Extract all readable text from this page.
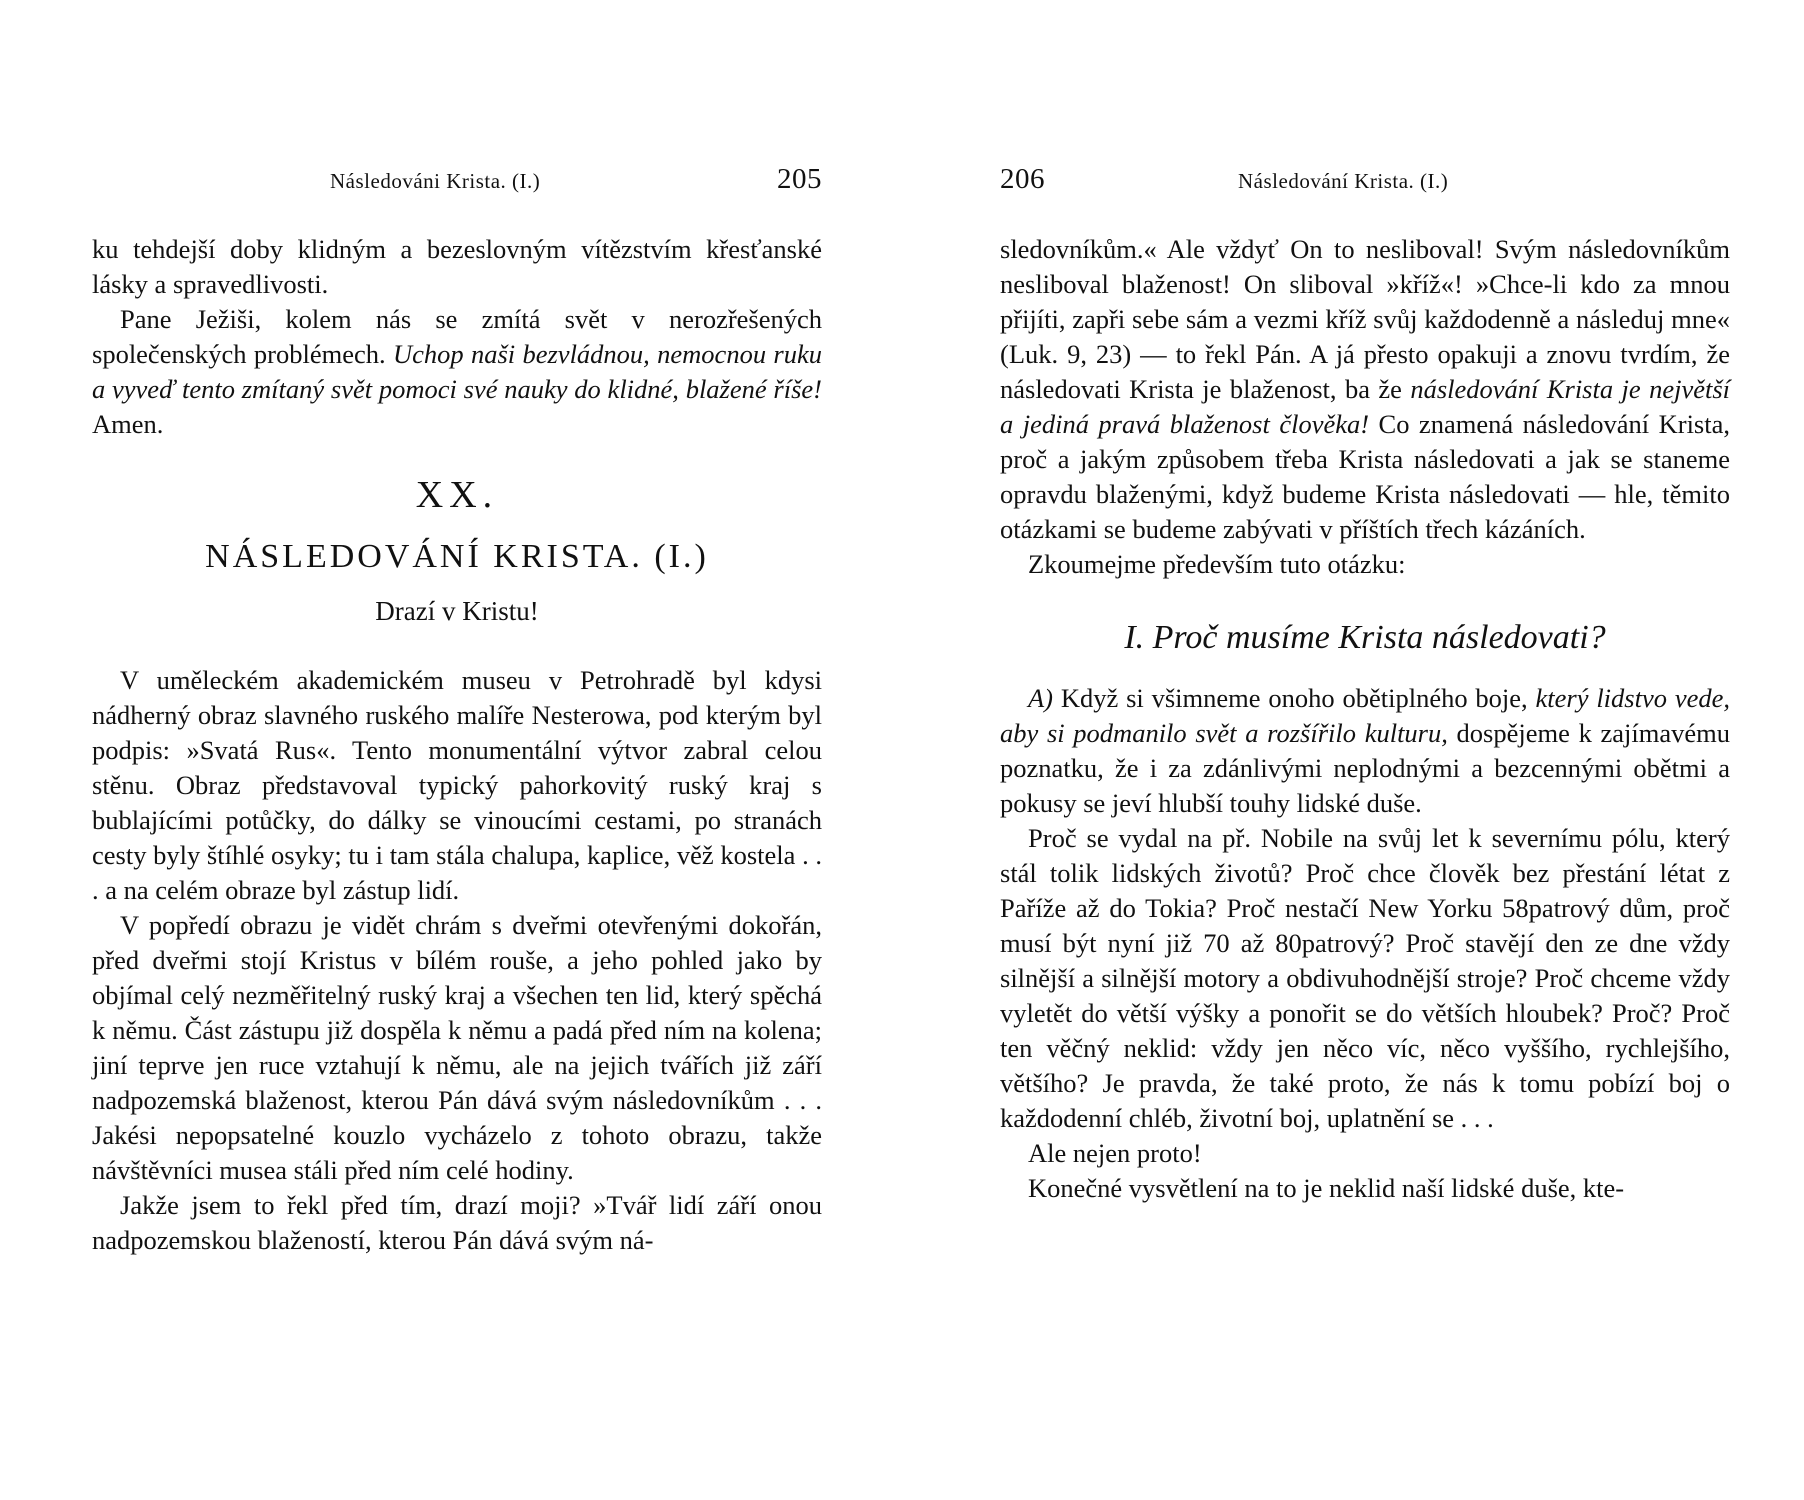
Následováni Krista. (I.)	205

ku tehdejší doby klidným a bezeslovným vítězstvím křesťanské lásky a spravedlivosti.

Pane Ježiši, kolem nás se zmítá svět v nerozřešených společenských problémech. Uchop naši bezvládnou, nemocnou ruku a vyveď tento zmítaný svět pomoci své nauky do klidné, blažené říše! Amen.

XX.
NÁSLEDOVÁNÍ KRISTA. (I.)
Drazí v Kristu!

V uměleckém akademickém museu v Petrohradě byl kdysi nádherný obraz slavného ruského malíře Nesterowa, pod kterým byl podpis: »Svatá Rus«. Tento monumentální výtvor zabral celou stěnu. Obraz představoval typický pahorkovitý ruský kraj s bublajícími potůčky, do dálky se vinoucími cestami, po stranách cesty byly štíhlé osyky; tu i tam stála chalupa, kaplice, věž kostela . . . a na celém obraze byl zástup lidí.

V popředí obrazu je vidět chrám s dveřmi otevřenými dokořán, před dveřmi stojí Kristus v bílém rouše, a jeho pohled jako by objímal celý nezměřitelný ruský kraj a všechen ten lid, který spěchá k němu. Část zástupu již dospěla k němu a padá před ním na kolena; jiní teprve jen ruce vztahují k němu, ale na jejich tvářích již září nadpozemská blaženost, kterou Pán dává svým následovníkům . . . Jakési nepopsatelné kouzlo vycházelo z tohoto obrazu, takže návštěvníci musea stáli před ním celé hodiny.

Jakže jsem to řekl před tím, drazí moji? »Tvář lidí září onou nadpozemskou blažeností, kterou Pán dává svým ná-

206	Následování Krista. (I.)

sledovníkům.« Ale vždyť On to nesliboval! Svým následovníkům nesliboval blaženost! On sliboval »kříž«! »Chce-li kdo za mnou přijíti, zapři sebe sám a vezmi kříž svůj každodenně a následuj mne« (Luk. 9, 23) — to řekl Pán. A já přesto opakuji a znovu tvrdím, že následovati Krista je blaženost, ba že následování Krista je největší a jediná pravá blaženost člověka! Co znamená následování Krista, proč a jakým způsobem třeba Krista následovati a jak se staneme opravdu blaženými, když budeme Krista následovati — hle, těmito otázkami se budeme zabývati v příštích třech kázáních.

Zkoumejme především tuto otázku:

I. Proč musíme Krista následovati?

A) Když si všimneme onoho obětiplného boje, který lidstvo vede, aby si podmanilo svět a rozšířilo kulturu, dospějeme k zajímavému poznatku, že i za zdánlivými neplodnými a bezcennými obětmi a pokusy se jeví hlubší touhy lidské duše.

Proč se vydal na př. Nobile na svůj let k severnímu pólu, který stál tolik lidských životů? Proč chce člověk bez přestání létat z Paříže až do Tokia? Proč nestačí New Yorku 58patrový dům, proč musí být nyní již 70 až 80patrový? Proč stavějí den ze dne vždy silnější a silnější motory a obdivuhodnější stroje? Proč chceme vždy vyletět do větší výšky a ponořit se do větších hloubek? Proč? Proč ten věčný neklid: vždy jen něco víc, něco vyššího, rychlejšího, většího? Je pravda, že také proto, že nás k tomu pobízí boj o každodenní chléb, životní boj, uplatnění se . . .

Ale nejen proto!

Konečné vysvětlení na to je neklid naší lidské duše, kte-
